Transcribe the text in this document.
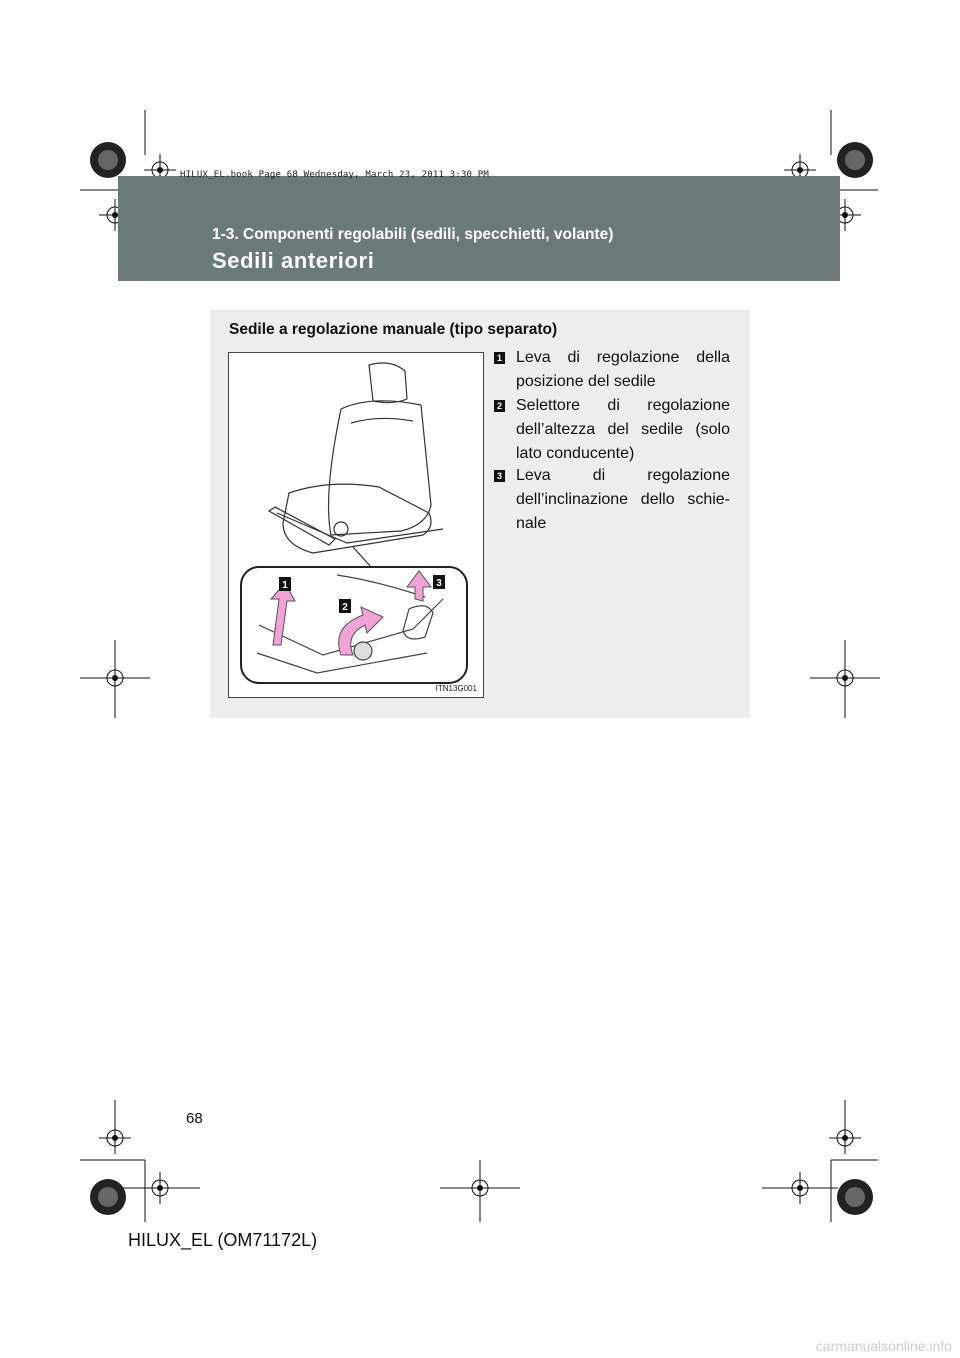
HILUX_EL.book Page 68 Wednesday, March 23, 2011 3:30 PM
1-3. Componenti regolabili (sedili, specchietti, volante)
Sedili anteriori
Sedile a regolazione manuale (tipo separato)
1
2
3
ITN13G001
1 Leva di regolazione della posizione del sedile
2 Selettore di regolazione dell’altezza del sedile (solo lato conducente)
3 Leva di regolazione dell’inclinazione dello schie-nale
68
HILUX_EL (OM71172L)
carmanualsonline.info
